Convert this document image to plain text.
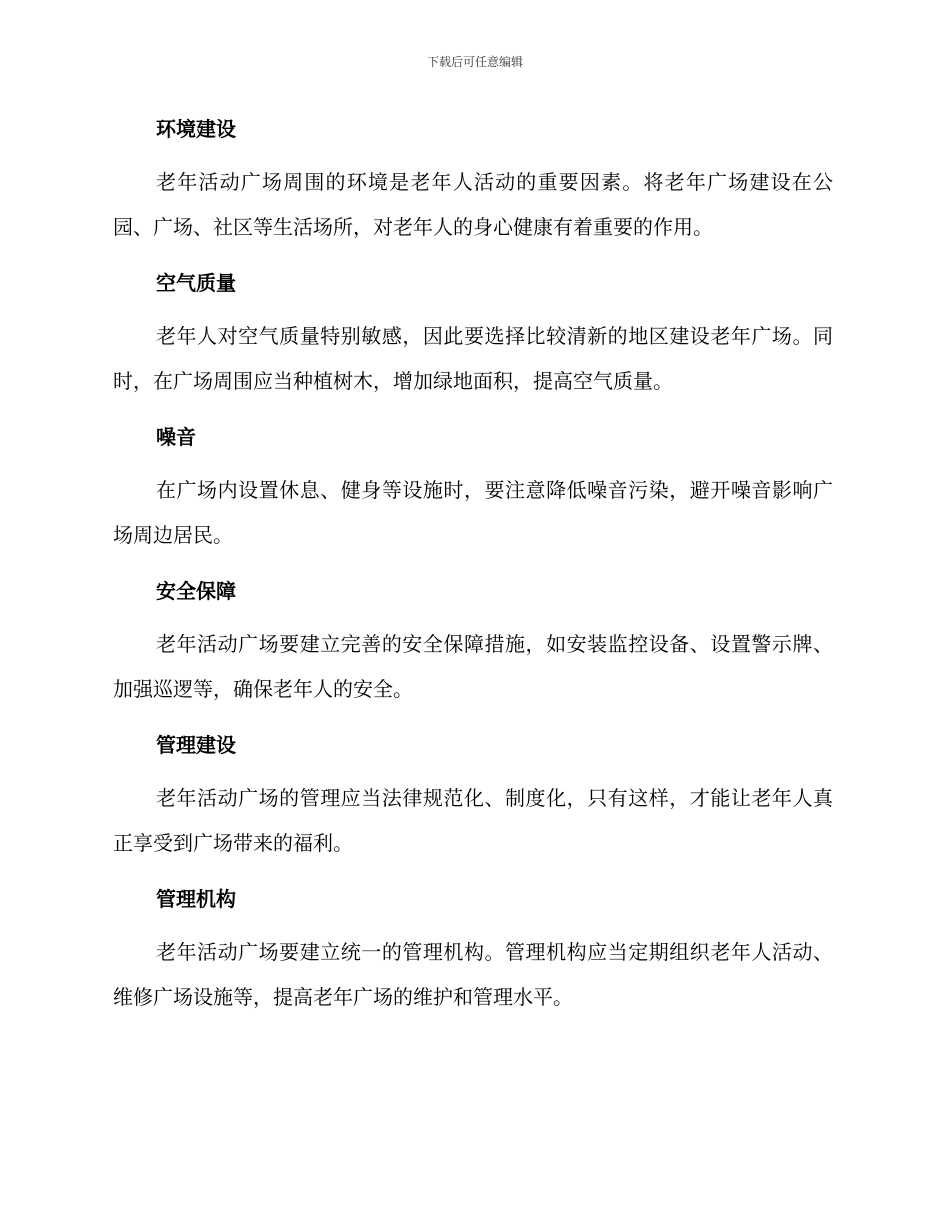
下载后可任意编辑
环境建设

老年活动广场周围的环境是老年人活动的重要因素。将老年广场建设在公园、广场、社区等生活场所，对老年人的身心健康有着重要的作用。

空气质量

老年人对空气质量特别敏感，因此要选择比较清新的地区建设老年广场。同时，在广场周围应当种植树木，增加绿地面积，提高空气质量。

噪音

在广场内设置休息、健身等设施时，要注意降低噪音污染，避开噪音影响广场周边居民。

安全保障

老年活动广场要建立完善的安全保障措施，如安装监控设备、设置警示牌、加强巡逻等，确保老年人的安全。

管理建设

老年活动广场的管理应当法律规范化、制度化，只有这样，才能让老年人真正享受到广场带来的福利。

管理机构

老年活动广场要建立统一的管理机构。管理机构应当定期组织老年人活动、维修广场设施等，提高老年广场的维护和管理水平。
